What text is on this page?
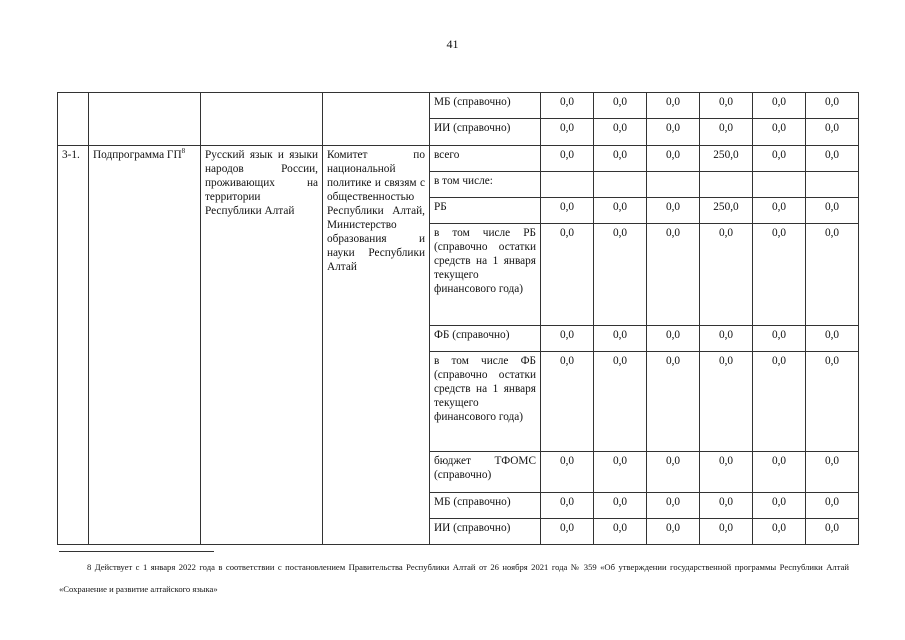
41
				МБ (справочно)	0,0	0,0	0,0	0,0	0,0	0,0
				ИИ (справочно)	0,0	0,0	0,0	0,0	0,0	0,0
3-1.	Подпрограмма $ГП^8$	Русский язык и языки народов России, проживающих на территории Республики Алтай	Комитет по национальной политике и связям с общественностью Республики Алтай, Министерство образования и науки Республики Алтай	всего	0,0	0,0	0,0	250,0	0,0	0,0
				в том числе:						
				РБ	0,0	0,0	0,0	250,0	0,0	0,0
				в том числе РБ (справочно остатки средств на 1 января текущего финансового года)	0,0	0,0	0,0	0,0	0,0	0,0
				ФБ (справочно)	0,0	0,0	0,0	0,0	0,0	0,0
				в том числе ФБ (справочно остатки средств на 1 января текущего финансового года)	0,0	0,0	0,0	0,0	0,0	0,0
				бюджет ТФОМС (справочно)	0,0	0,0	0,0	0,0	0,0	0,0
				МБ (справочно)	0,0	0,0	0,0	0,0	0,0	0,0
				ИИ (справочно)	0,0	0,0	0,0	0,0	0,0	0,0
8 Действует с 1 января 2022 года в соответствии с постановлением Правительства Республики Алтай от 26 ноября 2021 года № 359 «Об утверждении государственной программы Республики Алтай «Сохранение и развитие алтайского языка»
